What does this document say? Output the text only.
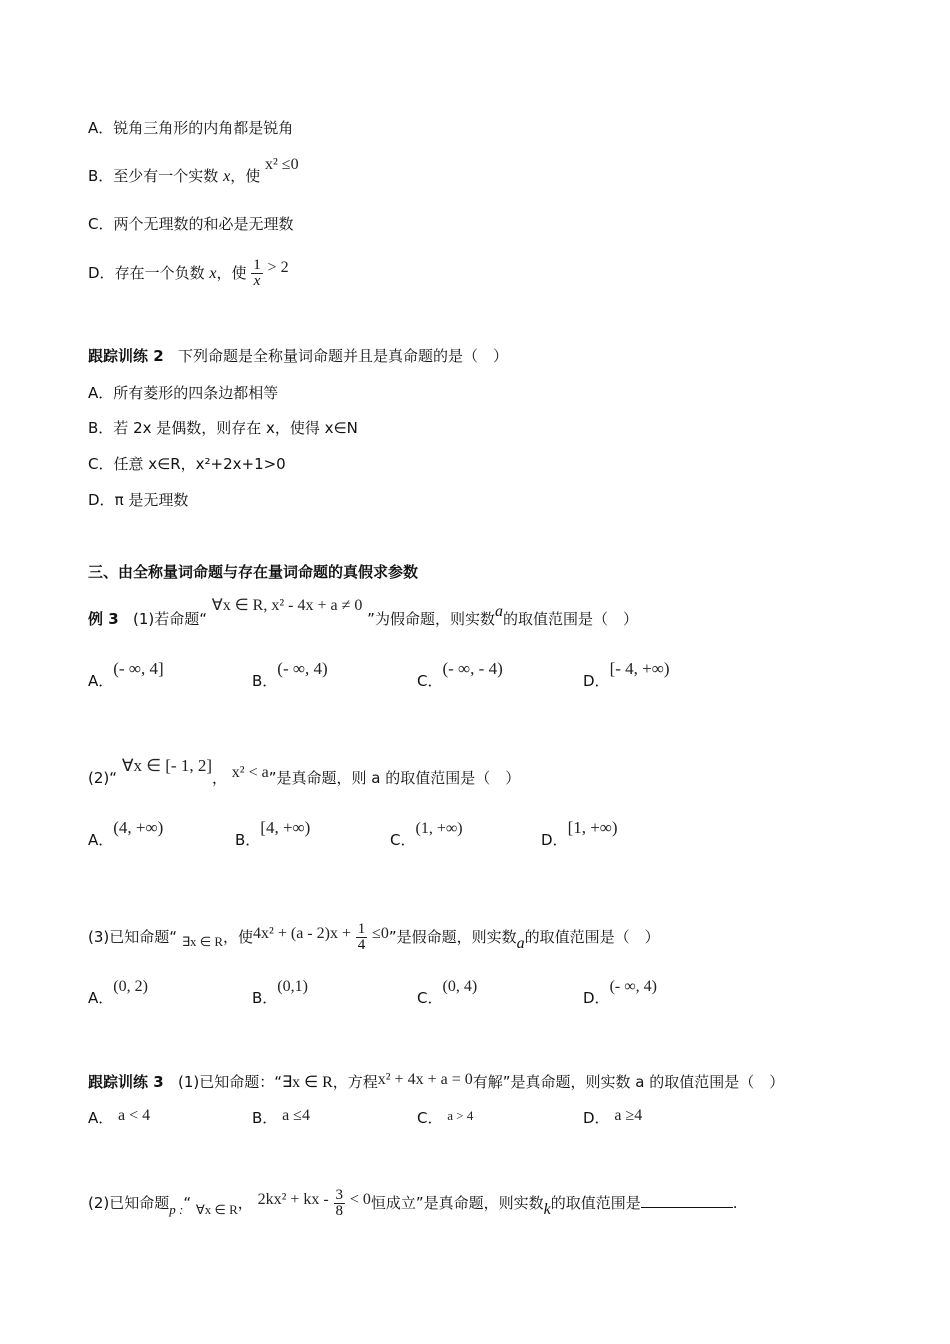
A．锐角三角形的内角都是锐角
B．至少有一个实数 x，使 x² ≤0
C．两个无理数的和必是无理数
D．存在一个负数 x，使 $\frac{1}{x} > 2$
跟踪训练 2 下列命题是全称量词命题并且是真命题的是（　）
A．所有菱形的四条边都相等
B．若 2x 是偶数，则存在 x，使得 x∈N
C．任意 x∈R，x²+2x+1>0
D．π 是无理数
三、由全称量词命题与存在量词命题的真假求参数
例 3 (1)若命题“ ∀x ∈ R, x² - 4x + a ≠ 0 ”为假命题，则实数a的取值范围是（　）
A．(- ∞, 4]
B．(- ∞, 4)
C．(- ∞, - 4)
D．[- 4, +∞)
(2)“ ∀x ∈ [- 1, 2]， x² < a”是真命题，则 a 的取值范围是（　）
A．(4, +∞)
B．[4, +∞)
C．(1, +∞)
D．[1, +∞)
(3)已知命题“ ∃x ∈ R，使$4x^2 + (a - 2)x + \frac{1}{4} \le 0$”是假命题，则实数a的取值范围是（　）
A．(0, 2)
B．(0,1)
C．(0, 4)
D．(- ∞, 4)
跟踪训练 3 (1)已知命题：“∃x ∈ R，方程x² + 4x + a = 0有解”是真命题，则实数 a 的取值范围是（　）
A． a < 4	B． a ≤4	C． a > 4	D． a ≥4
(2)已知命题p :“ ∀x ∈ R， 2kx² + kx - $\frac{3}{8} < 0$恒成立”是真命题，则实数k的取值范围是	.
